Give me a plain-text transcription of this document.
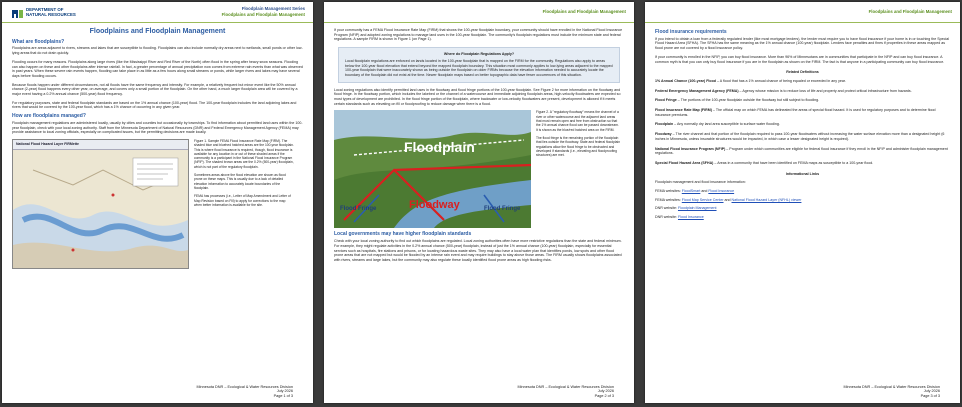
DEPARTMENT OF
NATURAL RESOURCES
Floodplain Management Series
Floodplains and Floodplain Management
Floodplains and Floodplain Management
What are floodplains?
Floodplains are areas adjacent to rivers, streams and lakes that are susceptible to flooding. Floodplains can also include normally dry areas next to wetlands, small ponds or other low-lying areas that do not drain quickly.
Flooding occurs for many reasons. Floodplains along large rivers (like the Mississippi River and Red River of the North) often flood in the spring after heavy snow seasons. Flooding can also happen on these and other floodplains after intense rainfall. In fact, a greater percentage of annual precipitation now comes from extreme rain events than what was observed in past years. When these severe rain events happen, flooding can take place in as little as a few hours along small streams or ponds, while larger rivers and lakes may have several days before flooding occurs.
Because floods happen under different circumstances, not all floods have the same frequency and intensity. For example, a relatively frequent but minor event like the 50% annual chance (2-year) flood happens every other year, on average, and covers only a small portion of the floodplain. On the other hand, a much larger floodplain area will be covered by a major event having a 0.2% annual chance (500-year) flood frequency.
For regulatory purposes, state and federal floodplain standards are based on the 1% annual chance (100-year) flood. The 100-year floodplain includes the land adjoining lakes and rivers that would be covered by the 100-year flood, which has a 1% chance of occurring in any given year.
How are floodplains managed?
Floodplain management regulations are administered locally, usually by cities and counties but occasionally by townships. To find information about permitted land uses within the 100-year floodplain, check with your local zoning authority. Staff from the Minnesota Department of Natural Resources (DNR) and Federal Emergency Management Agency (FEMA) may provide assistance to local zoning officials, especially on complicated issues, but the permitting decisions are made locally.
National Flood Hazard Layer FIRMette
Figure 1. Sample FEMA Flood Insurance Rate Map (FIRM). The shaded blue and bluehed hatched areas are the 100-year floodplain. This is where flood insurance is required, though, flood insurance is available for any location in or out of these shaded areas if the community is a participant in the National Flood Insurance Program (NFIP). The shaded brown areas are the 0.2% (500-year) floodplain, which is not part of the regulatory floodplain.
Sometimes areas above the flood elevation are shown as flood prone on these maps. This is usually due to a lack of detailed elevation information to accurately locate boundaries of the floodplain.
FEMA has processes (i.e., Letter of Map Amendment and Letter of Map Revision based on Fill) to apply for corrections to the map when better information is available for the site.
Minnesota DNR – Ecological & Water Resources Division
July 2026
Page 1 of 3
Floodplains and Floodplain Management
If your community has a FEMA Flood Insurance Rate Map (FIRM) that shows the 100-year floodplain boundary, your community should have enrolled in the National Flood Insurance Program (NFIP) and adopted zoning regulations to manage land uses in the 100-year floodplain. The community's floodplain regulations must include the minimum state and federal regulations. A sample FIRM is shown in Figure 1 (on Page 1).
Where do Floodplain Regulations Apply?
Local floodplain regulations are enforced on lands located in the 100-year floodplain that is mapped on the FIRM for the community. Regulations also apply to areas below the 100-year flood elevation that extend beyond the mapped floodplain boundary. This situation most commonly applies to low-lying areas adjacent to the mapped 100-year floodplain that were inaccurately shown as being outside the floodplain on older FIRMs because the elevation information needed to accurately locate the boundary of the floodplain did not exist at the time. Newer floodplain maps based on better topographic data have fewer occurrences of this situation.
Local zoning regulations also identify permitted land uses in the floodway and flood fringe portions of the 100-year floodplain. See Figure 2 for more information on the floodway and flood fringe. In the floodway portion, which includes the lakebed or the channel of a watercourse and immediate adjoining floodplain areas, high-velocity floodwaters are expected so most types of development are prohibited. In the flood fringe portion of the floodplain, where backwater or low-velocity floodwaters are present, development is allowed if it meets certain standards such as elevating on fill or floodproofing to reduce damage when there is a flood.
Floodplain
Floodway
Flood Fringe	Flood Fringe
Figure 2. A "regulatory floodway" means the channel of a river or other watercourse and the adjacent land areas that must remain open and free from obstruction so that the 1% annual chance flood can be passed downstream. It is shown as the blue/red hatched area on the FIRM.
The flood fringe is the remaining portion of the floodplain that lies outside the floodway. State and federal floodplain regulations allow the flood fringe to be obstructed and developed if standards (i.e., elevating and floodproofing structures) are met.
Local governments may have higher floodplain standards
Check with your local zoning authority to find out which floodplains are regulated. Local zoning authorities often have more restrictive regulations than the state and federal minimum. For example, they might regulate activities in the 0.2% annual chance (500-year) floodplain, instead of just the 1% annual chance (100-year) floodplain, especially for essential services such as hospitals, fire stations and prisons, or for locating hazardous waste sites. They may also have a local water plan that identifies ponds, low spots and other flood prone areas that are not mapped but would be flooded by an intense rain event and may require buildings to stay above those areas. The FIRM usually shows floodplains associated with rivers, streams and large lakes, but the community may also regulate these locally identified flood prone areas as high flooding risks.
Minnesota DNR – Ecological & Water Resources Division
July 2026
Page 2 of 3
Floodplains and Floodplain Management
Flood insurance requirements
If you intend to obtain a loan from a federally regulated lender (like most mortgage lenders), the lender must require you to have flood insurance if your home is in or touching the Special Flood Hazard Area (SFHA). The SFHA has the same meaning as the 1% annual chance (100-year) floodplain. Lenders face penalties and fines if properties in these areas mapped as flood prone are not covered by a flood insurance policy.
If your community is enrolled in the NFIP, you can buy flood insurance. More than 96% of Minnesotans are in communities that participate in the NFIP and can buy flood insurance. A common myth is that you can only buy flood insurance if you are in the floodplain as shown on the FIRM. The fact is that anyone in a participating community can buy flood insurance.
Related Definitions
1% Annual Chance (100-year) Flood – A flood that has a 1% annual chance of being equaled or exceeded in any year.
Federal Emergency Management Agency (FEMA) – Agency whose mission is to reduce loss of life and property and protect critical infrastructure from hazards.
Flood Fringe – The portions of the 100-year floodplain outside the floodway but still subject to flooding.
Flood Insurance Rate Map (FIRM) – The official map on which FEMA has delineated the areas of special flood hazard. It is used for regulatory purposes and to determine flood insurance premiums.
Floodplain – Any normally dry land area susceptible to surface water flooding.
Floodway – The river channel and that portion of the floodplain required to pass 100-year floodwaters without increasing the water surface elevation more than a designated height (6 inches in Minnesota, unless insurable structures would be impacted, in which case a lesser designated height is required).
National Flood Insurance Program (NFIP) – Program under which communities are eligible for federal flood insurance if they enroll in the NFIP and administer floodplain management regulations.
Special Flood Hazard Area (SFHA) – Areas in a community that have been identified on FEMA maps as susceptible to a 100-year flood.
Informational Links
Floodplain management and flood insurance information:
FEMA websites: FloodSmart and Flood Insurance
FEMA websites: Flood Map Service Center and National Flood Hazard Layer (NFHL) viewer
DNR website: Floodplain Management
DNR website: Flood Insurance
Minnesota DNR – Ecological & Water Resources Division
July 2026
Page 3 of 3
